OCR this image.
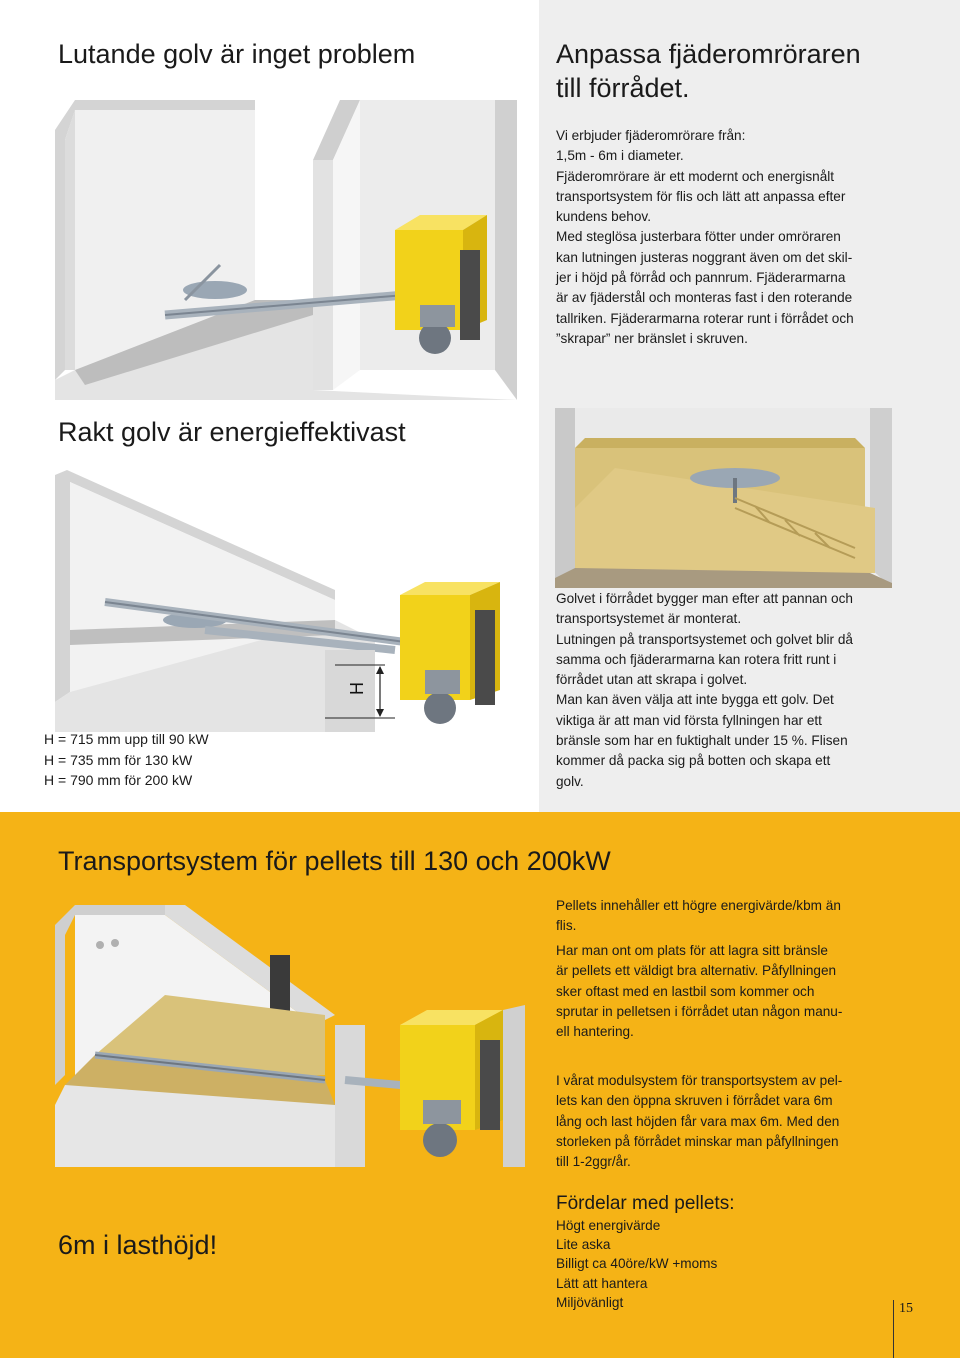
Lutande golv är inget problem	Anpassa fjäderomröraren
till förrådet.
Vi erbjuder fjäderomrörare från:
1,5m - 6m i diameter.
Fjäderomrörare är ett modernt och energisnålt
transportsystem för flis och lätt att anpassa efter
kundens behov.
Med steglösa justerbara fötter under omröraren
kan lutningen justeras noggrant även om det skil-
jer i höjd på förråd och pannrum. Fjäderarmarna
är av fjäderstål och monteras fast i den roterande
tallriken. Fjäderarmarna roterar runt i förrådet och
”skrapar” ner bränslet i skruven.
Rakt golv är energieffektivast
H
H = 715 mm upp till 90 kW
H = 735 mm för 130 kW
H = 790 mm för 200 kW
Golvet i förrådet bygger man efter att pannan och
transportsystemet är monterat.
Lutningen på transportsystemet och golvet blir då
samma och fjäderarmarna kan rotera fritt runt i
förrådet utan att skrapa i golvet.
Man kan även välja att inte bygga ett golv. Det
viktiga är att man vid första fyllningen har ett
bränsle som har en fuktighalt under 15 %. Flisen
kommer då packa sig på botten och skapa ett
golv.
Transportsystem för pellets till 130 och 200kW
Pellets innehåller ett högre energivärde/kbm än
flis.
Har man ont om plats för att lagra sitt bränsle
är pellets ett väldigt bra alternativ. Påfyllningen
sker oftast med en lastbil som kommer och
sprutar in pelletsen i förrådet utan någon manu-
ell hantering.
I vårat modulsystem för transportsystem av pel-
lets kan den öppna skruven i förrådet vara 6m
lång och last höjden får vara max 6m. Med den
storleken på förrådet minskar man påfyllningen
till 1-2ggr/år.
6m i lasthöjd!
Fördelar med pellets:
Högt energivärde
Lite aska
Billigt ca 40öre/kW +moms
Lätt att hantera
Miljövänligt	15
